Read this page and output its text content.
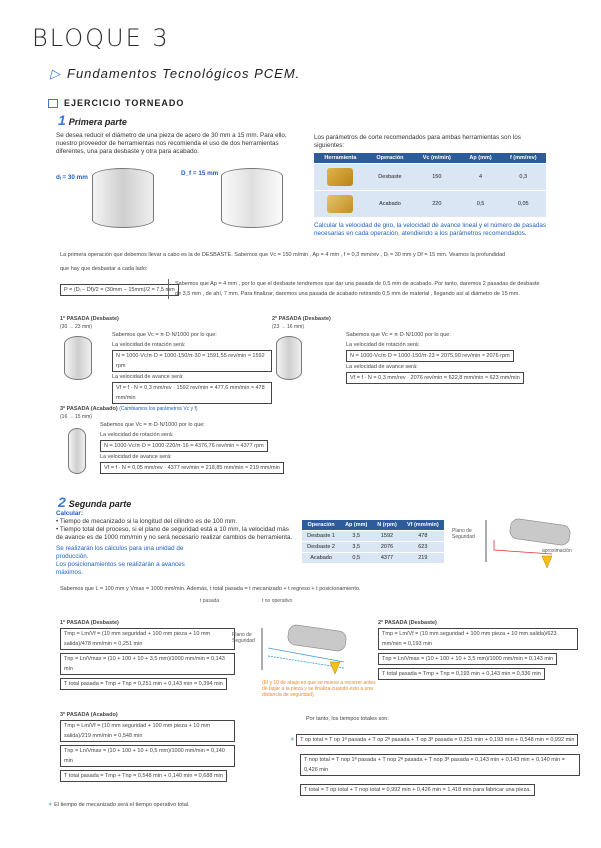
BLOQUE 3
▷ Fundamentos Tecnológicos PCEM.
EJERCICIO TORNEADO
1 Primera parte
Se desea reducir el diámetro de una pieza de acero de 30 mm a 15 mm. Para ello, nuestro proveedor de herramientas nos recomienda el uso de dos herramientas diferentes, una para desbaste y otra para acabado.
dᵢ = 30 mm
D_f = 15 mm
Los parámetros de corte recomendados para ambas herramientas son los siguientes:
Herramienta	Operación	Vc (m/min)	Ap (mm)	f (mm/rev)

	Desbaste	150	4	0,3

	Acabado	220	0,5	0,05
Calcular la velocidad de giro, la velocidad de avance lineal y el número de pasadas necesarias en cada operación, atendiendo a los parámetros recomendados.
La primera operación que debemos llevar a cabo es la de DESBASTE. Sabemos que Vc = 150 m/min , Ap = 4 mm , f = 0,3 mm/rev , Dᵢ = 30 mm y Df = 15 mm. Veamos la profundidad
que hay que desbastar a cada lado:
P = (Dᵢ − Df)/2 = (30mm − 15mm)/2 = 7,5 mm
Sabemos que Ap = 4 mm , por lo que el desbaste tendremos que dar una pasada de 0,5 mm de acabado. Por tanto, daremos 2 pasadas de desbaste
de 3,5 mm , de ahí, 7 mm. Para finalizar, daremos una pasada de acabado retirando 0,5 mm de material , llegando así al diámetro de 15 mm.
1ª PASADA (Desbaste)
(30 → 23 mm)
Sabemos que Vc = π·D·N/1000 por lo que:
La velocidad de rotación será:
N = 1000·Vc/π·D = 1000·150/π·30 = 1591,55 rev/min ≈ 1592 rpm
La velocidad de avance será:
Vf = f · N = 0,3 mm/rev · 1592 rev/min = 477,6 mm/min ≈ 478 mm/min
2ª PASADA (Desbaste)
(23 → 16 mm)
Sabemos que Vc = π·D·N/1000 por lo que:
La velocidad de rotación será:
N = 1000·Vc/π·D = 1000·150/π·23 = 2075,90 rev/min ≈ 2076 rpm
La velocidad de avance será:
Vf = f · N = 0,3 mm/rev · 2076 rev/min = 622,8 mm/min ≈ 623 mm/min
3ª PASADA (Acabado) (Cambiamos los parámetros Vc y f)
(16 → 15 mm)
Sabemos que Vc = π·D·N/1000 por lo que:
La velocidad de rotación será:
N = 1000·Vc/π·D = 1000·220/π·16 = 4376,76 rev/min ≈ 4377 rpm
La velocidad de avance será:
Vf = f · N = 0,05 mm/rev · 4377 rev/min = 218,85 mm/min ≈ 219 mm/min
2 Segunda parte
Calcular:
• Tiempo de mecanizado si la longitud del cilindro es de 100 mm.
• Tiempo total del proceso, si el plano de seguridad está a 10 mm, la velocidad más de avance es de 1000 mm/min y no será necesario realizar cambios de herramienta.
Se realizarán los cálculos para una unidad de producción.
Los posicionamientos se realizarán a avances máximos.
Operación	Ap (mm)	N (rpm)	Vf (mm/min)
Desbaste 1	3,5	1592	478
Desbaste 2	3,5	2076	623
Acabado	0,5	4377	219
Plano de Seguridad
aproximación
Sabemos que L = 100 mm y Vmax = 1000 mm/min. Además, t total pasada = t mecanizado + t regreso + t posicionamiento.
t pasada	t no operativo
1ª PASADA (Desbaste)
Tmp = Lm/Vf = (10 mm seguridad + 100 mm pieza + 10 mm salida)/478 mm/min = 0,251 min
Tnp = Ln/Vmax = (10 + 100 + 10 + 3,5 mm)/1000 mm/min = 0,143 min
T total pasada = Tmp + Tnp = 0,251 min + 0,143 min = 0,394 min
Plano de Seguridad
(El y 10 de abajo es que se mueve a recorrer antes de bajar a la pieza y se finaliza cuando esto a una distancia de seguridad)
2ª PASADA (Desbaste)
Tmp = Lm/Vf = (10 mm seguridad + 100 mm pieza + 10 mm salida)/623 mm/min = 0,193 min
Tnp = Ln/Vmax = (10 + 100 + 10 + 3,5 mm)/1000 mm/min = 0,143 min
T total pasada = Tmp + Tnp = 0,193 min + 0,143 min = 0,336 min
3ª PASADA (Acabado)
Tmp = Lm/Vf = (10 mm seguridad + 100 mm pieza + 10 mm salida)/219 mm/min = 0,548 min
Tnp = Ln/Vmax = (10 + 100 + 10 + 0,5 mm)/1000 mm/min = 0,140 min
T total pasada = Tmp + Tnp = 0,548 min + 0,140 min = 0,688 min
Por tanto, los tiempos totales son:
✳ T op total = T op 1ª pasada + T op 2ª pasada + T op 3ª pasada = 0,251 min + 0,193 min + 0,548 min = 0,992 min
T nop total = T nop 1ª pasada + T nop 2ª pasada + T nop 3ª pasada = 0,143 min + 0,143 min + 0,140 min = 0,426 min
T total = T op total + T nop total = 0,992 min + 0,426 min = 1,418 min para fabricar una pieza.
✳ El tiempo de mecanizado será el tiempo operativo total.
